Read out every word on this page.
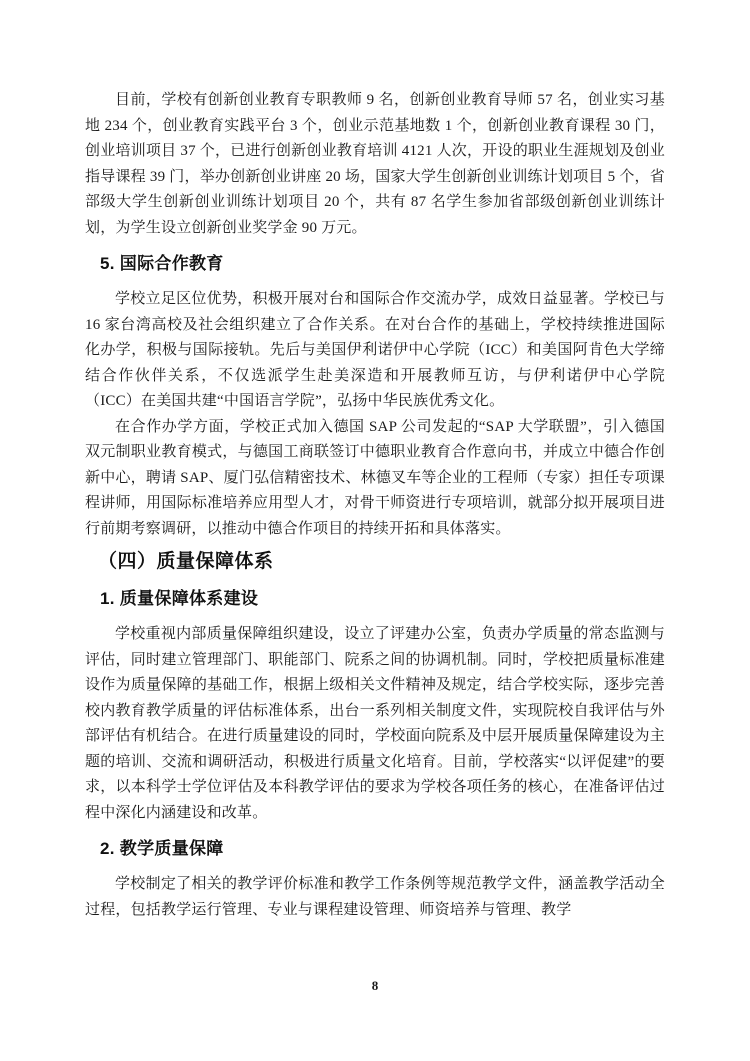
目前，学校有创新创业教育专职教师 9 名，创新创业教育导师 57 名，创业实习基地 234 个，创业教育实践平台 3 个，创业示范基地数 1 个，创新创业教育课程 30 门，创业培训项目 37 个，已进行创新创业教育培训 4121 人次，开设的职业生涯规划及创业指导课程 39 门，举办创新创业讲座 20 场，国家大学生创新创业训练计划项目 5 个，省部级大学生创新创业训练计划项目 20 个，共有 87 名学生参加省部级创新创业训练计划，为学生设立创新创业奖学金 90 万元。

5. 国际合作教育

学校立足区位优势，积极开展对台和国际合作交流办学，成效日益显著。学校已与 16 家台湾高校及社会组织建立了合作关系。在对台合作的基础上，学校持续推进国际化办学，积极与国际接轨。先后与美国伊利诺伊中心学院（ICC）和美国阿肯色大学缔结合作伙伴关系，不仅选派学生赴美深造和开展教师互访，与伊利诺伊中心学院（ICC）在美国共建“中国语言学院”，弘扬中华民族优秀文化。

在合作办学方面，学校正式加入德国 SAP 公司发起的“SAP 大学联盟”，引入德国双元制职业教育模式，与德国工商联签订中德职业教育合作意向书，并成立中德合作创新中心，聘请 SAP、厦门弘信精密技术、林德叉车等企业的工程师（专家）担任专项课程讲师，用国际标准培养应用型人才，对骨干师资进行专项培训，就部分拟开展项目进行前期考察调研，以推动中德合作项目的持续开拓和具体落实。

（四）质量保障体系
1. 质量保障体系建设

学校重视内部质量保障组织建设，设立了评建办公室，负责办学质量的常态监测与评估，同时建立管理部门、职能部门、院系之间的协调机制。同时，学校把质量标准建设作为质量保障的基础工作，根据上级相关文件精神及规定，结合学校实际，逐步完善校内教育教学质量的评估标准体系，出台一系列相关制度文件，实现院校自我评估与外部评估有机结合。在进行质量建设的同时，学校面向院系及中层开展质量保障建设为主题的培训、交流和调研活动，积极进行质量文化培育。目前，学校落实“以评促建”的要求，以本科学士学位评估及本科教学评估的要求为学校各项任务的核心，在准备评估过程中深化内涵建设和改革。

2. 教学质量保障

学校制定了相关的教学评价标准和教学工作条例等规范教学文件，涵盖教学活动全过程，包括教学运行管理、专业与课程建设管理、师资培养与管理、教学

8
